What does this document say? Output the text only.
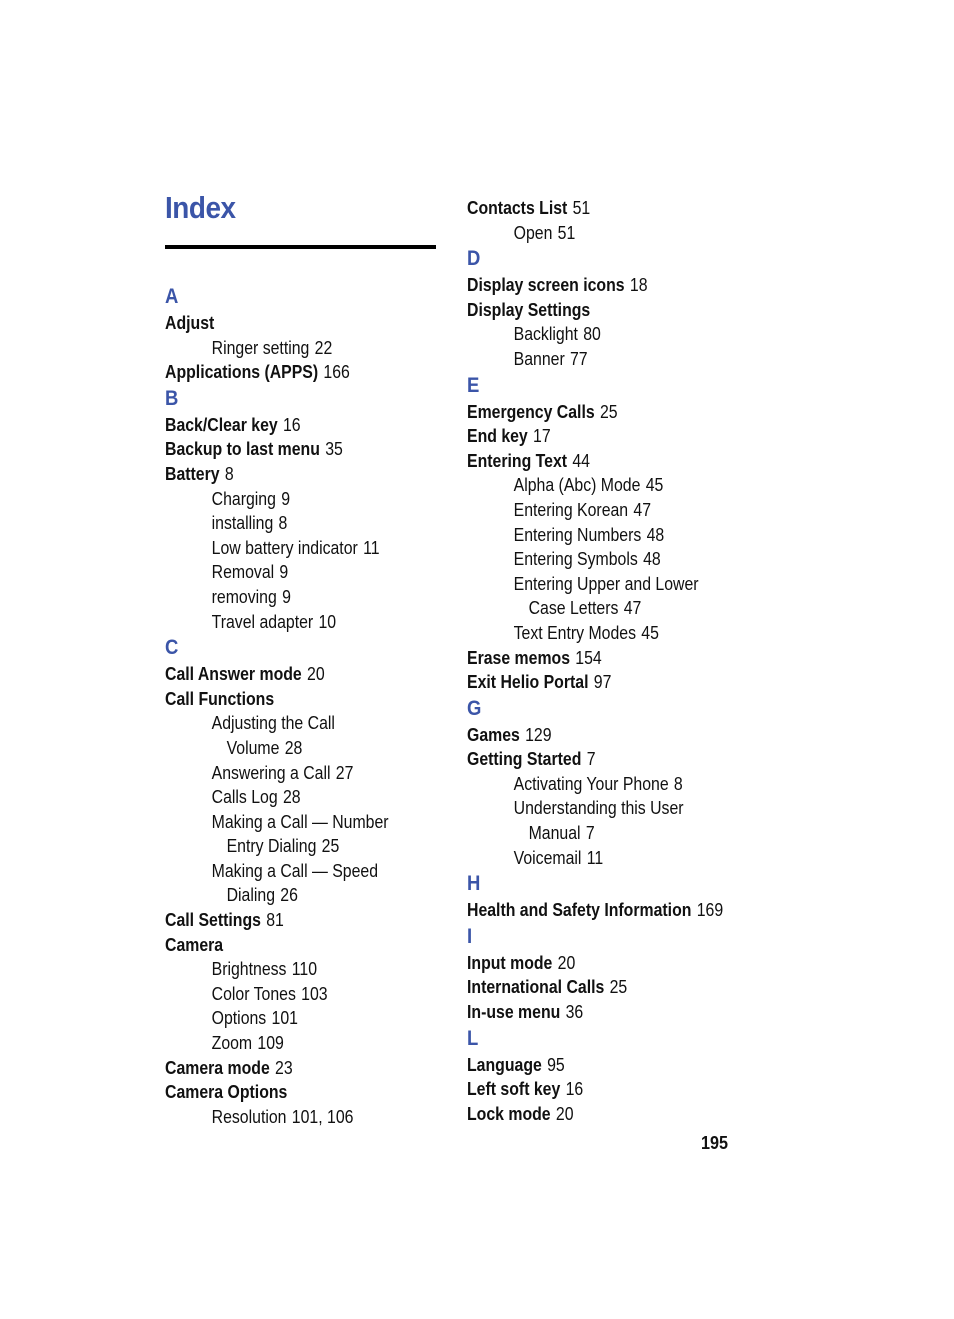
Index
A
Adjust
Ringer setting 22
Applications (APPS) 166
B
Back/Clear key 16
Backup to last menu 35
Battery 8
Charging 9
installing 8
Low battery indicator 11
Removal 9
removing 9
Travel adapter 10
C
Call Answer mode 20
Call Functions
Adjusting the Call
Volume 28
Answering a Call 27
Calls Log 28
Making a Call — Number
Entry Dialing 25
Making a Call — Speed
Dialing 26
Call Settings 81
Camera
Brightness 110
Color Tones 103
Options 101
Zoom 109
Camera mode 23
Camera Options
Resolution 101, 106
Contacts List 51
Open 51
D
Display screen icons 18
Display Settings
Backlight 80
Banner 77
E
Emergency Calls 25
End key 17
Entering Text 44
Alpha (Abc) Mode 45
Entering Korean 47
Entering Numbers 48
Entering Symbols 48
Entering Upper and Lower
Case Letters 47
Text Entry Modes 45
Erase memos 154
Exit Helio Portal 97
G
Games 129
Getting Started 7
Activating Your Phone 8
Understanding this User
Manual 7
Voicemail 11
H
Health and Safety Information 169
I
Input mode 20
International Calls 25
In-use menu 36
L
Language 95
Left soft key 16
Lock mode 20
195
